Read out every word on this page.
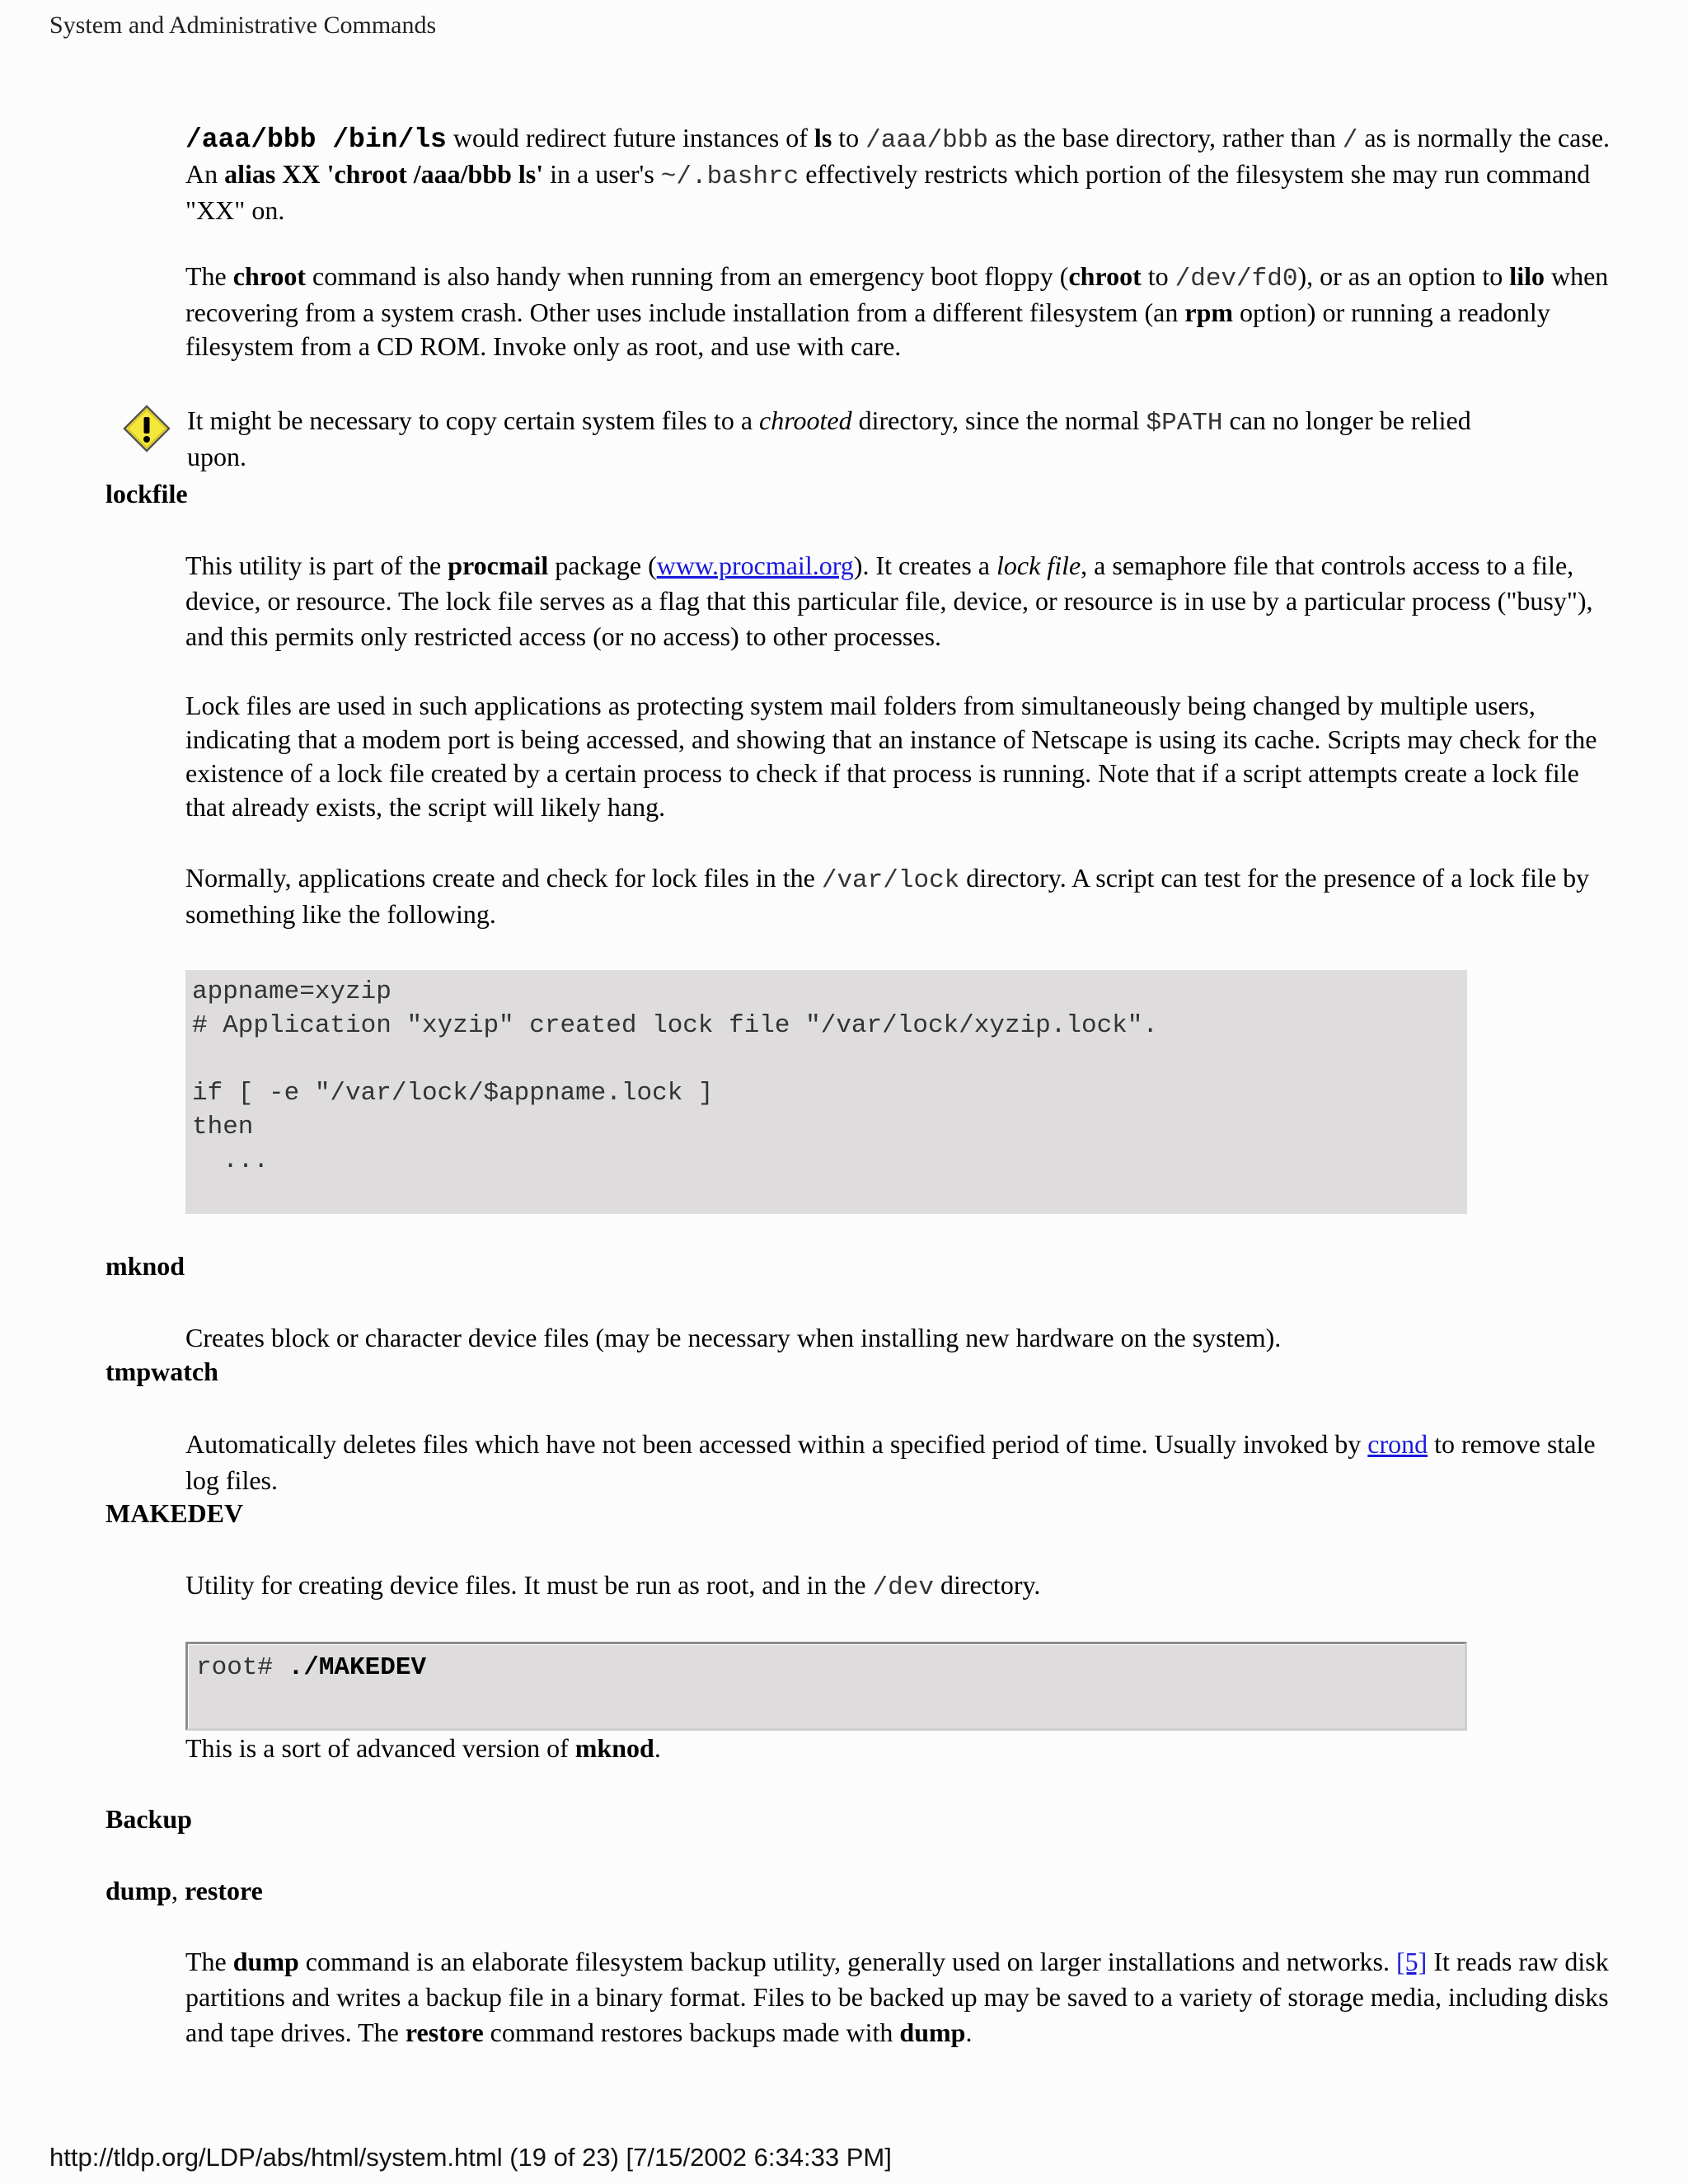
System and Administrative Commands

/aaa/bbb /bin/ls would redirect future instances of ls to /aaa/bbb as the base directory, rather than / as is normally the case. An alias XX 'chroot /aaa/bbb ls' in a user's ~/.bashrc effectively restricts which portion of the filesystem she may run command "XX" on.

The chroot command is also handy when running from an emergency boot floppy (chroot to /dev/fd0), or as an option to lilo when recovering from a system crash. Other uses include installation from a different filesystem (an rpm option) or running a readonly filesystem from a CD ROM. Invoke only as root, and use with care.

It might be necessary to copy certain system files to a chrooted directory, since the normal $PATH can no longer be relied upon.

lockfile

This utility is part of the procmail package (www.procmail.org). It creates a lock file, a semaphore file that controls access to a file, device, or resource. The lock file serves as a flag that this particular file, device, or resource is in use by a particular process ("busy"), and this permits only restricted access (or no access) to other processes.

Lock files are used in such applications as protecting system mail folders from simultaneously being changed by multiple users, indicating that a modem port is being accessed, and showing that an instance of Netscape is using its cache. Scripts may check for the existence of a lock file created by a certain process to check if that process is running. Note that if a script attempts create a lock file that already exists, the script will likely hang.

Normally, applications create and check for lock files in the /var/lock directory. A script can test for the presence of a lock file by something like the following.

appname=xyzip
# Application "xyzip" created lock file "/var/lock/xyzip.lock".

if [ -e "/var/lock/$appname.lock ]
then
...
mknod

Creates block or character device files (may be necessary when installing new hardware on the system).

tmpwatch

Automatically deletes files which have not been accessed within a specified period of time. Usually invoked by crond to remove stale log files.

MAKEDEV

Utility for creating device files. It must be run as root, and in the /dev directory.

root# ./MAKEDEV

This is a sort of advanced version of mknod.

Backup
dump, restore

The dump command is an elaborate filesystem backup utility, generally used on larger installations and networks. [5] It reads raw disk partitions and writes a backup file in a binary format. Files to be backed up may be saved to a variety of storage media, including disks and tape drives. The restore command restores backups made with dump.

http://tldp.org/LDP/abs/html/system.html (19 of 23) [7/15/2002 6:34:33 PM]
